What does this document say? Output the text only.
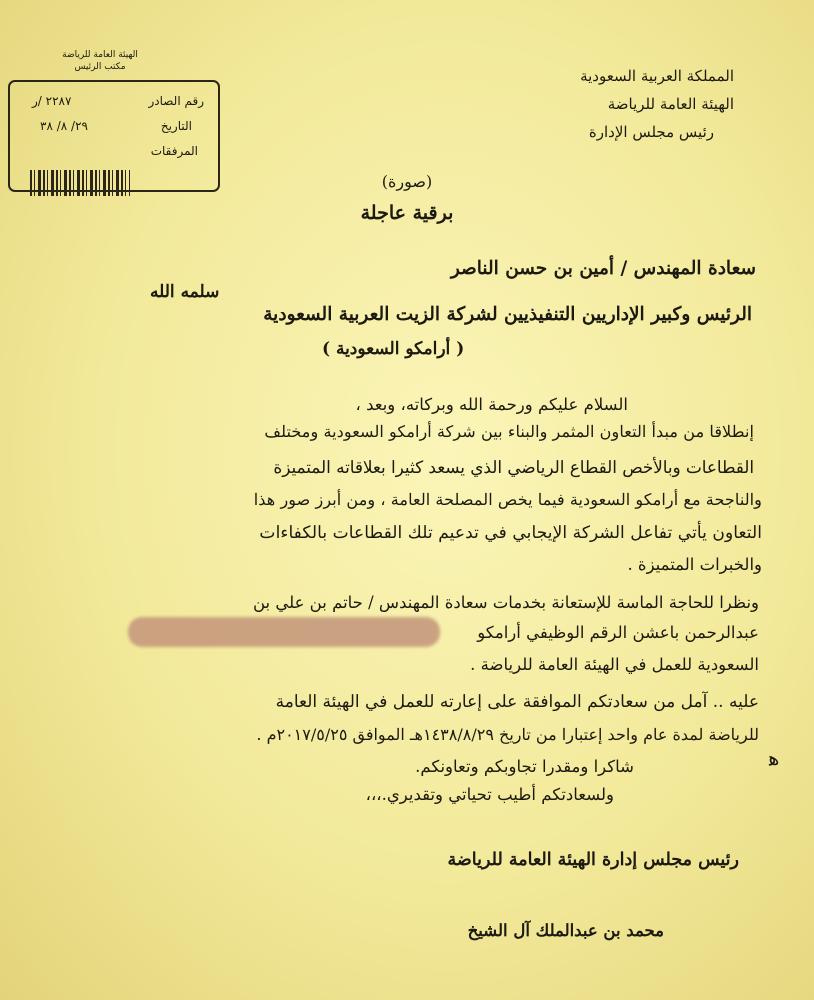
رقم الصادر
٢٢٨٧ /ر
التاريخ
٢٩/ ٨/ ٣٨
المرفقات
الهيئة العامة للرياضة
مكتب الرئيس	المملكة العربية السعودية
الهيئة العامة للرياضة
رئيس مجلس الإدارة
(صورة)
برقية عاجلة
سعادة المهندس / أمين بن حسن الناصر
سلمه الله
الرئيس وكبير الإداريين التنفيذيين لشركة الزيت العربية السعودية
( أرامكو السعودية )
السلام عليكم ورحمة الله وبركاته، وبعد ،
إنطلاقا من مبدأ التعاون المثمر والبناء بين شركة أرامكو السعودية ومختلف
القطاعات وبالأخص القطاع الرياضي الذي يسعد كثيرا بعلاقاته المتميزة
والناجحة مع أرامكو السعودية فيما يخص المصلحة العامة ، ومن أبرز صور هذا
التعاون يأتي تفاعل الشركة الإيجابي في تدعيم تلك القطاعات بالكفاءات
والخبرات المتميزة .
ونظرا للحاجة الماسة للإستعانة بخدمات سعادة المهندس / حاتم بن علي بن
عبدالرحمن باعشن الرقم الوظيفي أرامكو
السعودية للعمل في الهيئة العامة للرياضة .
عليه .. آمل من سعادتكم الموافقة على إعارته للعمل في الهيئة العامة
للرياضة لمدة عام واحد إعتبارا من تاريخ ١٤٣٨/٨/٢٩هـ الموافق ٢٠١٧/٥/٢٥م .
شاكرا ومقدرا تجاوبكم وتعاونكم.
ولسعادتكم أطيب تحياتي وتقديري.،،،
ﻫ
رئيس مجلس إدارة الهيئة العامة للرياضة
محمد بن عبدالملك آل الشيخ
